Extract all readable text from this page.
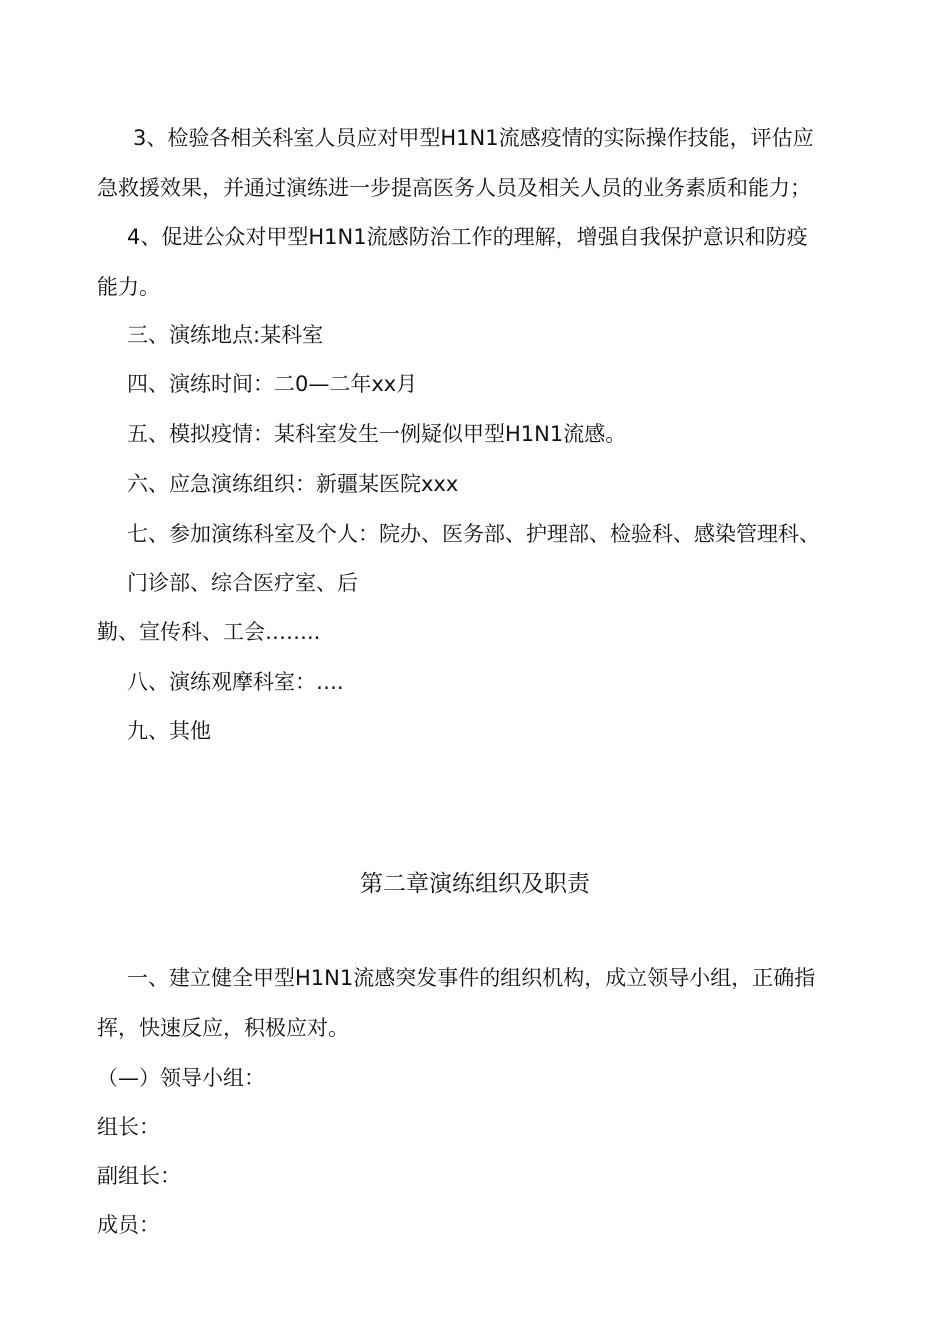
3、检验各相关科室人员应对甲型H1N1流感疫情的实际操作技能，评估应
急救援效果，并通过演练进一步提高医务人员及相关人员的业务素质和能力；
4、促进公众对甲型H1N1流感防治工作的理解，增强自我保护意识和防疫
能力。
三、演练地点:某科室
四、演练时间：二0—二年xx月
五、模拟疫情：某科室发生一例疑似甲型H1N1流感。
六、应急演练组织：新疆某医院xxx
七、参加演练科室及个人：院办、医务部、护理部、检验科、感染管理科、
门诊部、综合医疗室、后
勤、宣传科、工会……..
八、演练观摩科室：….
九、其他
第二章演练组织及职责
一、建立健全甲型H1N1流感突发事件的组织机构，成立领导小组，正确指
挥，快速反应，积极应对。
（—）领导小组：
组长：
副组长：
成员：
